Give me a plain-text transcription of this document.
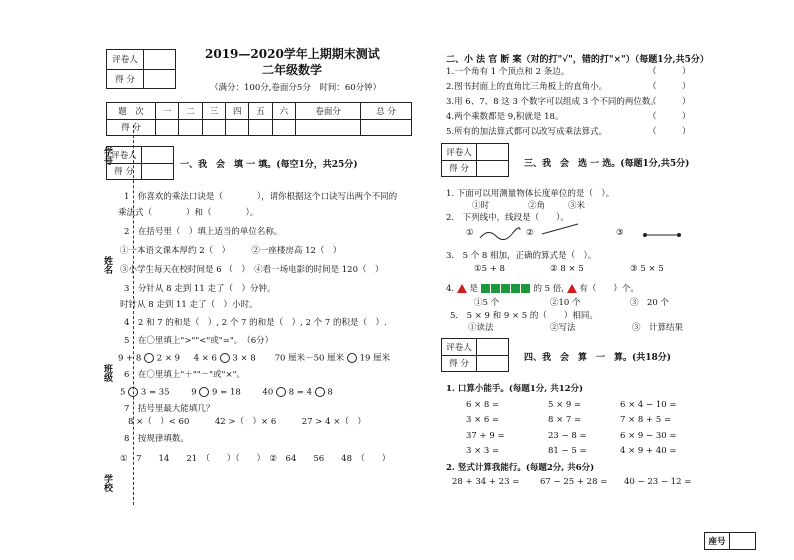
学号
姓名
班级
学校
评卷人	
得 分	
2019—2020学年上期期末测试
二年级数学
（满分：100分,卷面分5分　时间：60分钟）
题　次	一	二	三	四	五	六	卷面分	总 分
得 分								
评卷人	
得 分	
一、我　会　填 一 填。(每空1分，共25分)
1　你喜欢的乘法口诀是（　　　　），请你根据这个口诀写出两个不同的
乘法式（　　　　）和（　　　　）。
2　在括号里（　）填上适当的单位名称。
①一本语文课本厚约 2（　）　　　②一座楼房高 12（　）
③小学生每天在校时间是 6 （　）　④看一场电影的时间是 120（　）
3　分针从 8 走到 11 走了（　）分钟。
时针从 8 走到 11 走了（　）小时。
4　2 和 7 的和是（　）, 2 个 7 的和是（　）, 2 个 7 的积是（　）.
5　在〇里填上">""<"或"="。　（6分）
9 + 8 2 × 9 4 × 6 3 × 8 70 厘米－50 厘米 19 厘米
6　在〇里填上"＋""－"或"×"。
5 3 = 35	9 9 = 18	40 8 = 4 8
7　括号里最大能填几？
8 ×（　）< 60　　　42 >（　）× 6　　　27 > 4 ×（　）
8　按规律填数。
①　7　　14　　21　（　　）（　　）　②　64　　56　　48　（　　）
二、小 法 官 断 案（对的打"√"，错的打"×"）（每题1分,共5分）
1.一个角有 1 个顶点和 2 条边。
2.图书封面上的直角比三角板上的直角小。
3.用 6、7、8 这 3 个数字可以组成 3 个不同的两位数。
4.两个乘数都是 9,积就是 18。
5.所有的加法算式都可以改写成乘法算式。
（　　　）
（　　　）
（　　　）
（　　　）
（　　　）
评卷人	
得 分	
三、我　会　选 一 选。(每题1分,共5分)
1. 下面可以用测量物体长度单位的是（　）。
①时	②角	③米
2.　下列线中，线段是（　　）。
①	②	③
3.　5 个 8 相加，正确的算式是（　）。
①5 + 8	② 8 × 5	③ 5 × 5
4. 是	的 5 倍, 有（　　）个。
①5 个	②10 个	③　20 个
5.　5 × 9 和 9 × 5 的（　　）相同。
①读法	②写法	③　计算结果
评卷人	
得 分	
四、我　会　算　一　算。(共18分)
1. 口算小能手。(每题1分, 共12分)
6 × 8 =	5 × 9 =	6 × 4 − 10 =
3 × 6 =	8 × 7 =	7 × 8 + 5 =
37 + 9 =	23 − 8 =	6 × 9 − 30 =
3 × 3 =	81 − 5 =	4 × 9 + 40 =
2. 竖式计算我能行。(每题2分, 共6分)
28 + 34 + 23 = 67 − 25 + 28 = 40 − 23 − 12 =
座号	
